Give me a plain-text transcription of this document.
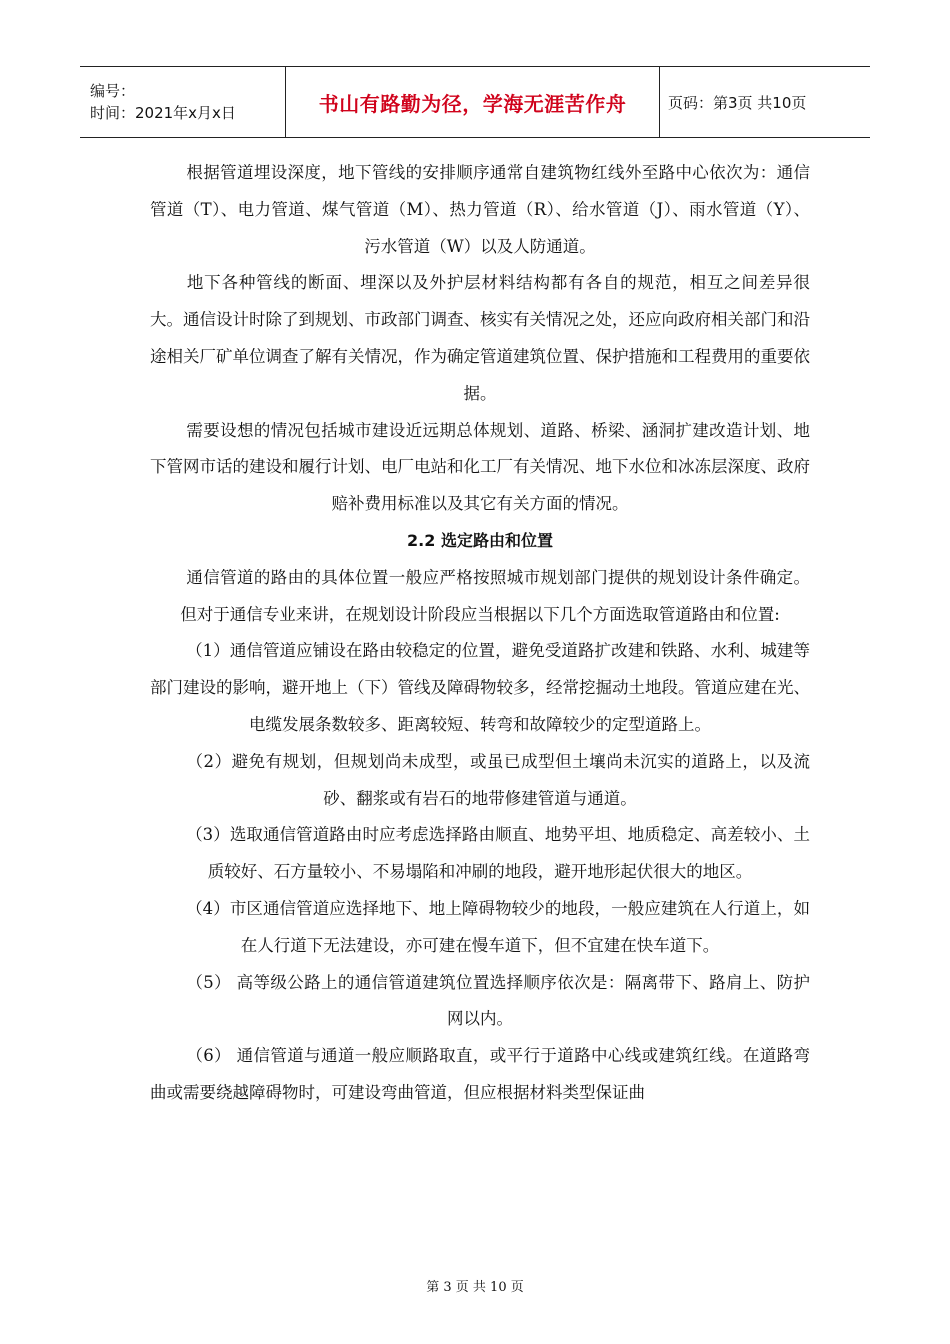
编号：
时间：2021年x月x日	书山有路勤为径，学海无涯苦作舟	页码：第3页 共10页

根据管道埋设深度，地下管线的安排顺序通常自建筑物红线外至路中心依次为：通信管道（T）、电力管道、煤气管道（M）、热力管道（R）、给水管道（J）、雨水管道（Y）、污水管道（W）以及人防通道。

地下各种管线的断面、埋深以及外护层材料结构都有各自的规范，相互之间差异很大。通信设计时除了到规划、市政部门调查、核实有关情况之处，还应向政府相关部门和沿途相关厂矿单位调查了解有关情况，作为确定管道建筑位置、保护措施和工程费用的重要依据。

需要设想的情况包括城市建设近远期总体规划、道路、桥梁、涵洞扩建改造计划、地下管网市话的建设和履行计划、电厂电站和化工厂有关情况、地下水位和冰冻层深度、政府赔补费用标准以及其它有关方面的情况。

2.2 选定路由和位置

通信管道的路由的具体位置一般应严格按照城市规划部门提供的规划设计条件确定。但对于通信专业来讲，在规划设计阶段应当根据以下几个方面选取管道路由和位置:

（1）通信管道应铺设在路由较稳定的位置，避免受道路扩改建和铁路、水利、城建等部门建设的影响，避开地上（下）管线及障碍物较多，经常挖掘动土地段。管道应建在光、电缆发展条数较多、距离较短、转弯和故障较少的定型道路上。

（2）避免有规划，但规划尚未成型，或虽已成型但土壤尚未沉实的道路上，以及流砂、翻浆或有岩石的地带修建管道与通道。

（3）选取通信管道路由时应考虑选择路由顺直、地势平坦、地质稳定、高差较小、土质较好、石方量较小、不易塌陷和冲刷的地段，避开地形起伏很大的地区。

（4）市区通信管道应选择地下、地上障碍物较少的地段，一般应建筑在人行道上，如在人行道下无法建设，亦可建在慢车道下，但不宜建在快车道下。

（5） 高等级公路上的通信管道建筑位置选择顺序依次是：隔离带下、路肩上、防护网以内。

（6） 通信管道与通道一般应顺路取直，或平行于道路中心线或建筑红线。在道路弯曲或需要绕越障碍物时，可建设弯曲管道，但应根据材料类型保证曲

第 3 页 共 10 页
